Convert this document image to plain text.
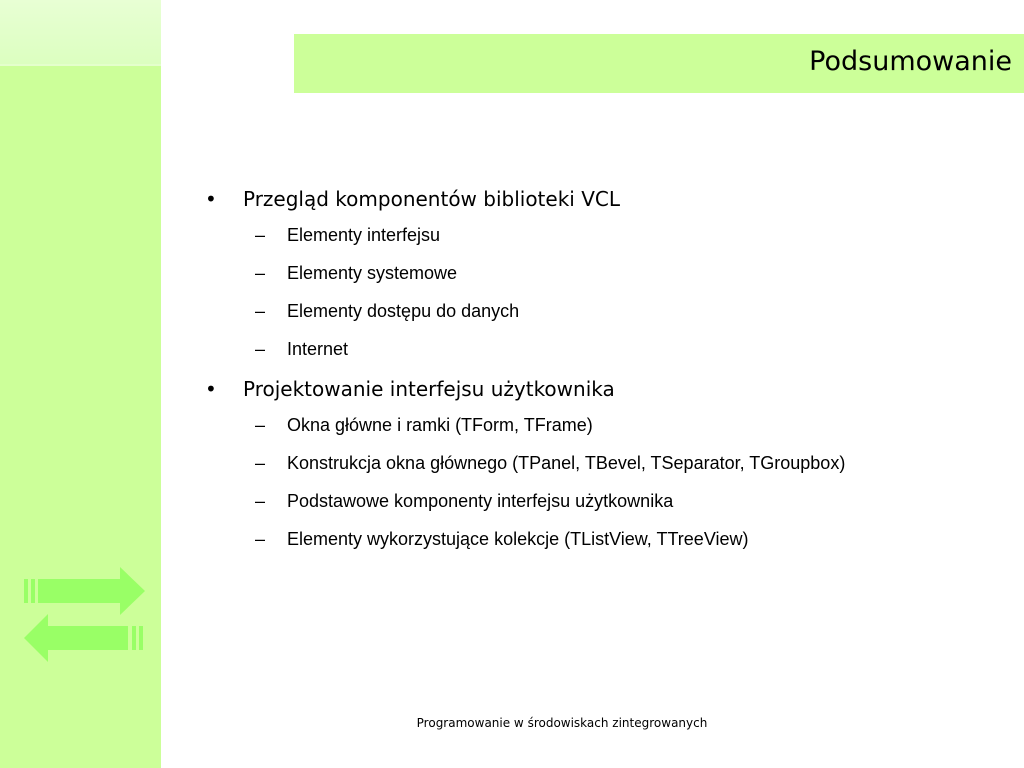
Podsumowanie
• Przegląd komponentów biblioteki VCL
– Elementy interfejsu
– Elementy systemowe
– Elementy dostępu do danych
– Internet
• Projektowanie interfejsu użytkownika
– Okna główne i ramki (TForm, TFrame)
– Konstrukcja okna głównego (TPanel, TBevel, TSeparator, TGroupbox)
– Podstawowe komponenty interfejsu użytkownika
– Elementy wykorzystujące kolekcje (TListView, TTreeView)
Programowanie w środowiskach zintegrowanych
